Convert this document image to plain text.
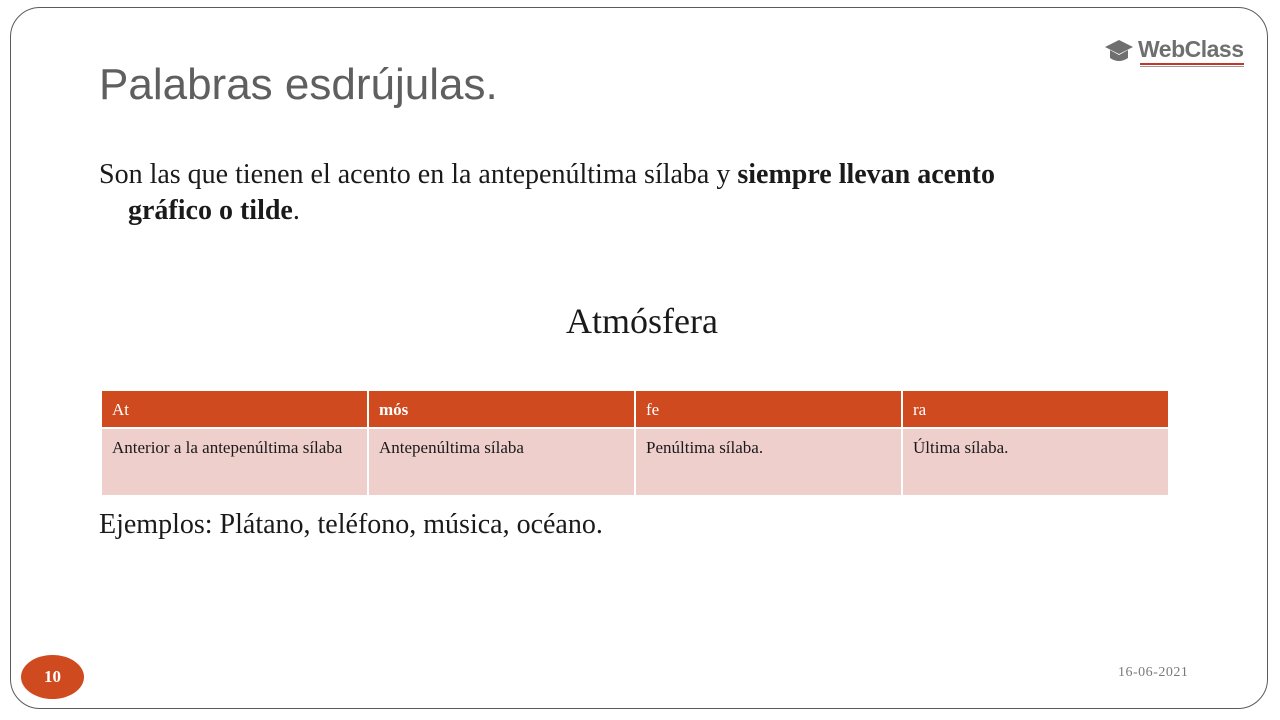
WebClass
Palabras esdrújulas.
Son las que tienen el acento en la antepenúltima sílaba y siempre llevan acento
gráfico o tilde.
Atmósfera
At	mós	fe	ra
Anterior a la antepenúltima sílaba	Antepenúltima sílaba	Penúltima sílaba.	Última sílaba.
Ejemplos: Plátano, teléfono, música, océano.
10	16-06-2021
